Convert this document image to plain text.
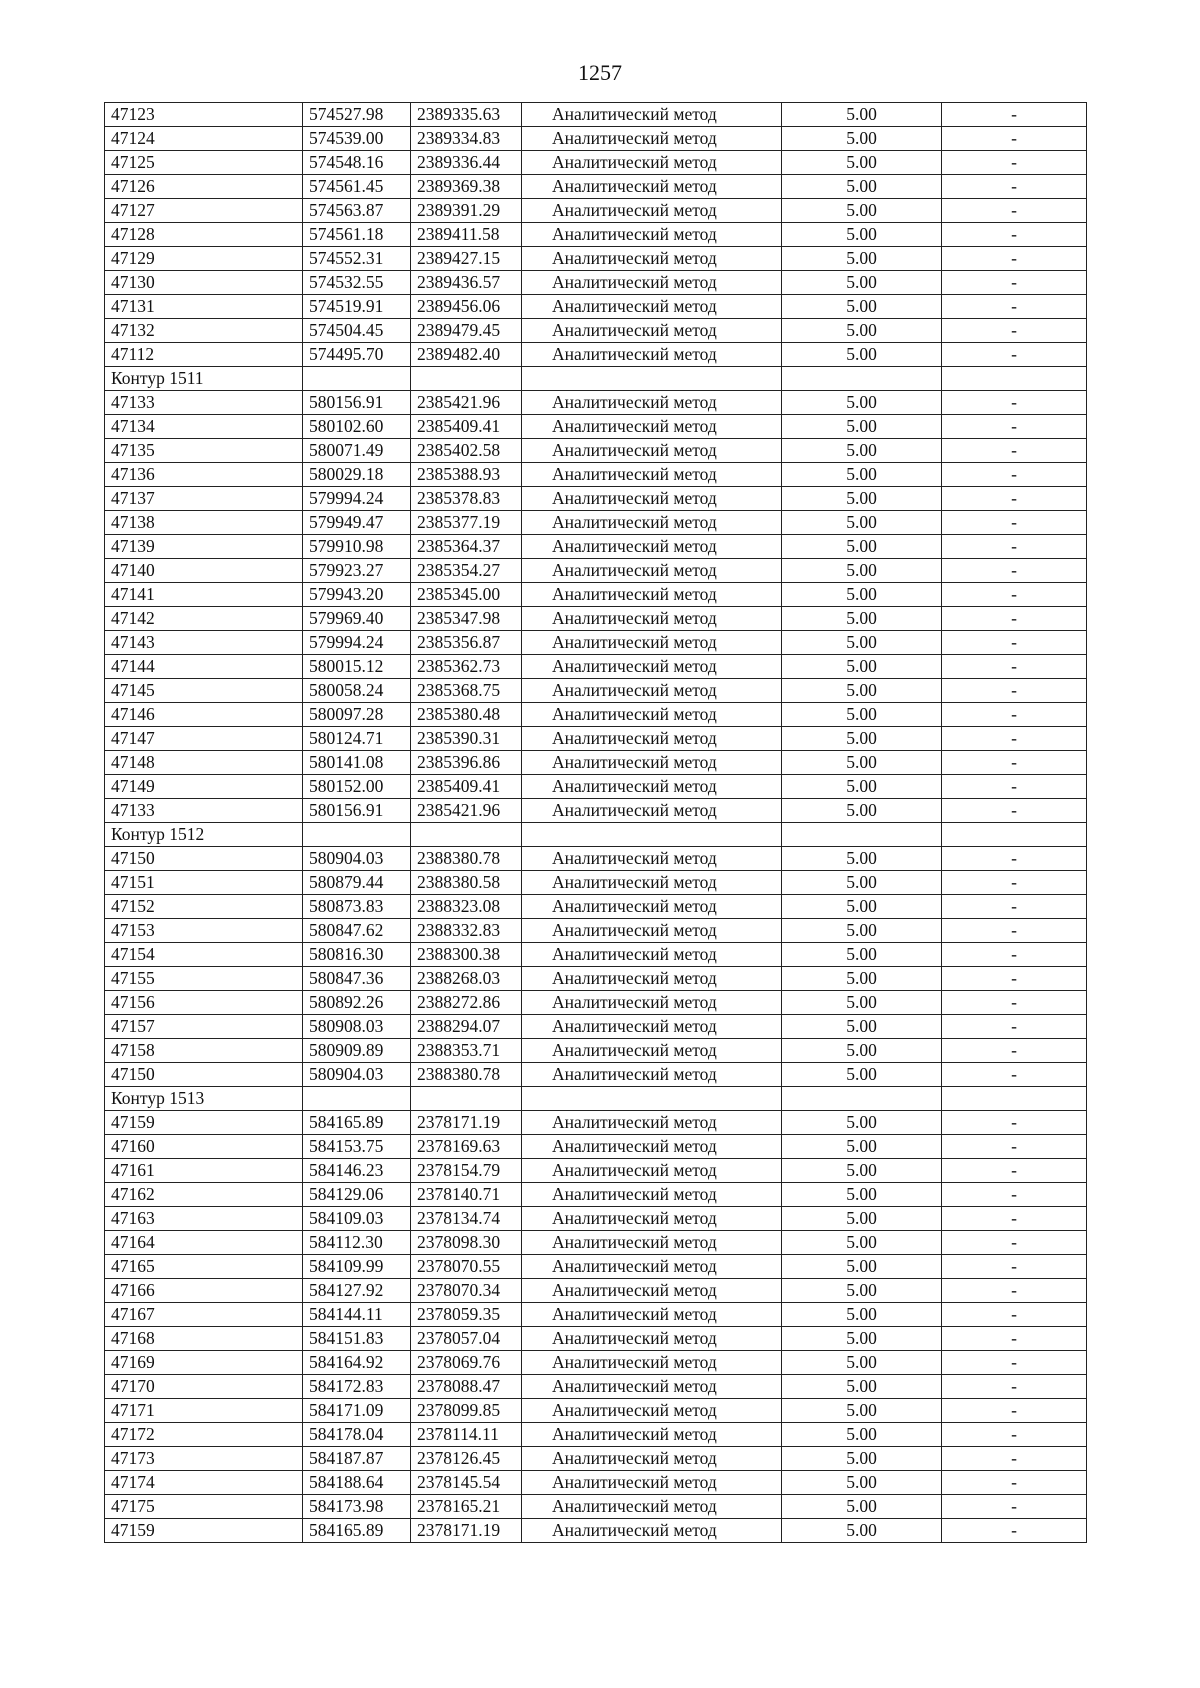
1257
47123	574527.98	2389335.63	Аналитический метод	5.00	-
47124	574539.00	2389334.83	Аналитический метод	5.00	-
47125	574548.16	2389336.44	Аналитический метод	5.00	-
47126	574561.45	2389369.38	Аналитический метод	5.00	-
47127	574563.87	2389391.29	Аналитический метод	5.00	-
47128	574561.18	2389411.58	Аналитический метод	5.00	-
47129	574552.31	2389427.15	Аналитический метод	5.00	-
47130	574532.55	2389436.57	Аналитический метод	5.00	-
47131	574519.91	2389456.06	Аналитический метод	5.00	-
47132	574504.45	2389479.45	Аналитический метод	5.00	-
47112	574495.70	2389482.40	Аналитический метод	5.00	-
Контур 1511					
47133	580156.91	2385421.96	Аналитический метод	5.00	-
47134	580102.60	2385409.41	Аналитический метод	5.00	-
47135	580071.49	2385402.58	Аналитический метод	5.00	-
47136	580029.18	2385388.93	Аналитический метод	5.00	-
47137	579994.24	2385378.83	Аналитический метод	5.00	-
47138	579949.47	2385377.19	Аналитический метод	5.00	-
47139	579910.98	2385364.37	Аналитический метод	5.00	-
47140	579923.27	2385354.27	Аналитический метод	5.00	-
47141	579943.20	2385345.00	Аналитический метод	5.00	-
47142	579969.40	2385347.98	Аналитический метод	5.00	-
47143	579994.24	2385356.87	Аналитический метод	5.00	-
47144	580015.12	2385362.73	Аналитический метод	5.00	-
47145	580058.24	2385368.75	Аналитический метод	5.00	-
47146	580097.28	2385380.48	Аналитический метод	5.00	-
47147	580124.71	2385390.31	Аналитический метод	5.00	-
47148	580141.08	2385396.86	Аналитический метод	5.00	-
47149	580152.00	2385409.41	Аналитический метод	5.00	-
47133	580156.91	2385421.96	Аналитический метод	5.00	-
Контур 1512					
47150	580904.03	2388380.78	Аналитический метод	5.00	-
47151	580879.44	2388380.58	Аналитический метод	5.00	-
47152	580873.83	2388323.08	Аналитический метод	5.00	-
47153	580847.62	2388332.83	Аналитический метод	5.00	-
47154	580816.30	2388300.38	Аналитический метод	5.00	-
47155	580847.36	2388268.03	Аналитический метод	5.00	-
47156	580892.26	2388272.86	Аналитический метод	5.00	-
47157	580908.03	2388294.07	Аналитический метод	5.00	-
47158	580909.89	2388353.71	Аналитический метод	5.00	-
47150	580904.03	2388380.78	Аналитический метод	5.00	-
Контур 1513					
47159	584165.89	2378171.19	Аналитический метод	5.00	-
47160	584153.75	2378169.63	Аналитический метод	5.00	-
47161	584146.23	2378154.79	Аналитический метод	5.00	-
47162	584129.06	2378140.71	Аналитический метод	5.00	-
47163	584109.03	2378134.74	Аналитический метод	5.00	-
47164	584112.30	2378098.30	Аналитический метод	5.00	-
47165	584109.99	2378070.55	Аналитический метод	5.00	-
47166	584127.92	2378070.34	Аналитический метод	5.00	-
47167	584144.11	2378059.35	Аналитический метод	5.00	-
47168	584151.83	2378057.04	Аналитический метод	5.00	-
47169	584164.92	2378069.76	Аналитический метод	5.00	-
47170	584172.83	2378088.47	Аналитический метод	5.00	-
47171	584171.09	2378099.85	Аналитический метод	5.00	-
47172	584178.04	2378114.11	Аналитический метод	5.00	-
47173	584187.87	2378126.45	Аналитический метод	5.00	-
47174	584188.64	2378145.54	Аналитический метод	5.00	-
47175	584173.98	2378165.21	Аналитический метод	5.00	-
47159	584165.89	2378171.19	Аналитический метод	5.00	-
